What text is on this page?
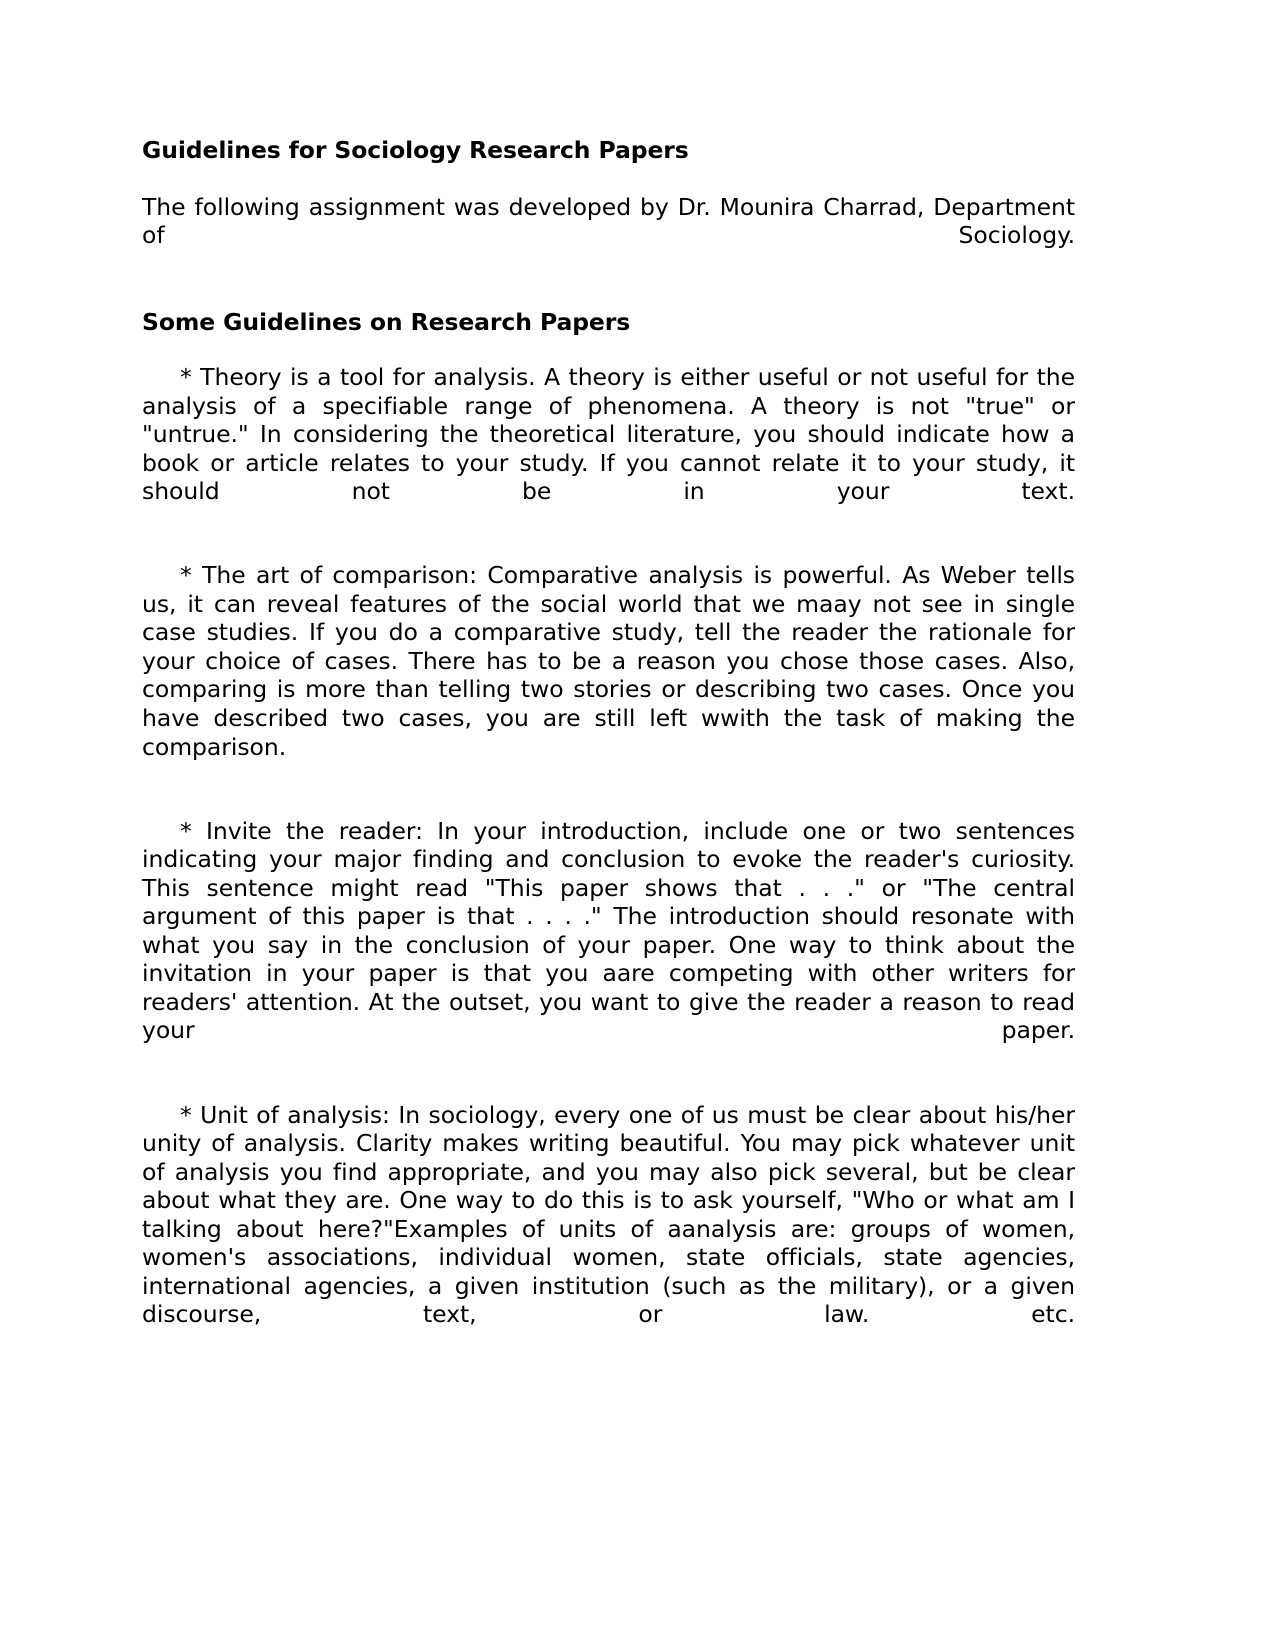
Guidelines for Sociology Research Papers

The following assignment was developed by Dr. Mounira Charrad, Department of Sociology.

Some Guidelines on Research Papers

* Theory is a tool for analysis. A theory is either useful or not useful for the analysis of a specifiable range of phenomena. A theory is not "true" or "untrue." In considering the theoretical literature, you should indicate how a book or article relates to your study. If you cannot relate it to your study, it should not be in your text.

* The art of comparison: Comparative analysis is powerful. As Weber tells us, it can reveal features of the social world that we maay not see in single case studies. If you do a comparative study, tell the reader the rationale for your choice of cases. There has to be a reason you chose those cases. Also, comparing is more than telling two stories or describing two cases. Once you have described two cases, you are still left wwith the task of making the comparison.

* Invite the reader: In your introduction, include one or two sentences indicating your major finding and conclusion to evoke the reader's curiosity. This sentence might read "This paper shows that . . ." or "The central argument of this paper is that . . . ." The introduction should resonate with what you say in the conclusion of your paper. One way to think about the invitation in your paper is that you aare competing with other writers for readers' attention. At the outset, you want to give the reader a reason to read your paper.

* Unit of analysis: In sociology, every one of us must be clear about his/her unity of analysis. Clarity makes writing beautiful. You may pick whatever unit of analysis you find appropriate, and you may also pick several, but be clear about what they are. One way to do this is to ask yourself, "Who or what am I talking about here?"Examples of units of aanalysis are: groups of women, women's associations, individual women, state officials, state agencies, international agencies, a given institution (such as the military), or a given discourse, text, or law. etc.
